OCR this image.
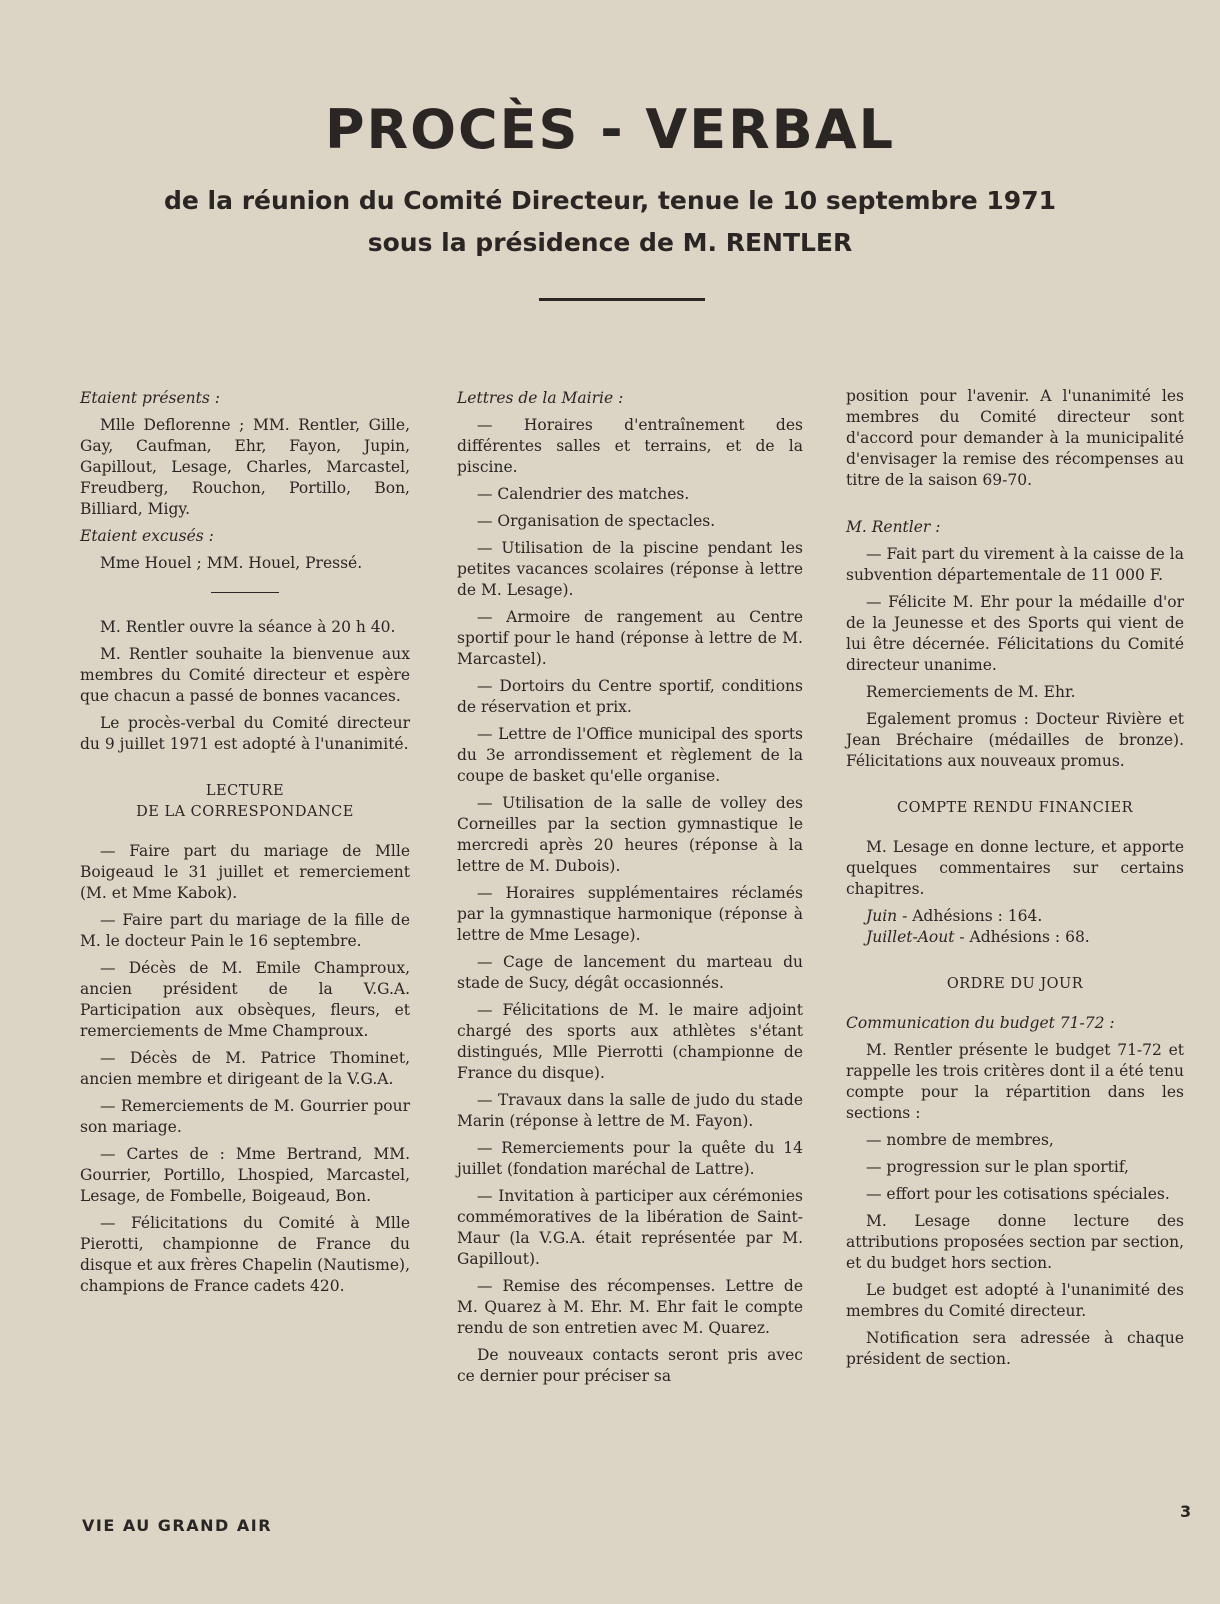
PROCÈS - VERBAL
de la réunion du Comité Directeur, tenue le 10 septembre 1971
sous la présidence de M. RENTLER

Etaient présents :

Mlle Deflorenne ; MM. Rentler, Gille, Gay, Caufman, Ehr, Fayon, Jupin, Gapillout, Lesage, Charles, Marcastel, Freudberg, Rouchon, Portillo, Bon, Billiard, Migy.

Etaient excusés :

Mme Houel ; MM. Houel, Pressé.

M. Rentler ouvre la séance à 20 h 40.

M. Rentler souhaite la bienvenue aux membres du Comité directeur et espère que chacun a passé de bonnes vacances.

Le procès-verbal du Comité directeur du 9 juillet 1971 est adopté à l'unanimité.

LECTURE

DE LA CORRESPONDANCE

— Faire part du mariage de Mlle Boigeaud le 31 juillet et remerciement (M. et Mme Kabok).

— Faire part du mariage de la fille de M. le docteur Pain le 16 septembre.

— Décès de M. Emile Champroux, ancien président de la V.G.A. Participation aux obsèques, fleurs, et remerciements de Mme Champroux.

— Décès de M. Patrice Thominet, ancien membre et dirigeant de la V.G.A.

— Remerciements de M. Gourrier pour son mariage.

— Cartes de : Mme Bertrand, MM. Gourrier, Portillo, Lhospied, Marcastel, Lesage, de Fombelle, Boigeaud, Bon.

— Félicitations du Comité à Mlle Pierotti, championne de France du disque et aux frères Chapelin (Nautisme), champions de France cadets 420.

Lettres de la Mairie :

— Horaires d'entraînement des différentes salles et terrains, et de la piscine.

— Calendrier des matches.

— Organisation de spectacles.

— Utilisation de la piscine pendant les petites vacances scolaires (réponse à lettre de M. Lesage).

— Armoire de rangement au Centre sportif pour le hand (réponse à lettre de M. Marcastel).

— Dortoirs du Centre sportif, conditions de réservation et prix.

— Lettre de l'Office municipal des sports du 3e arrondissement et règlement de la coupe de basket qu'elle organise.

— Utilisation de la salle de volley des Corneilles par la section gymnastique le mercredi après 20 heures (réponse à la lettre de M. Dubois).

— Horaires supplémentaires réclamés par la gymnastique harmonique (réponse à lettre de Mme Lesage).

— Cage de lancement du marteau du stade de Sucy, dégât occasionnés.

— Félicitations de M. le maire adjoint chargé des sports aux athlètes s'étant distingués, Mlle Pierrotti (championne de France du disque).

— Travaux dans la salle de judo du stade Marin (réponse à lettre de M. Fayon).

— Remerciements pour la quête du 14 juillet (fondation maréchal de Lattre).

— Invitation à participer aux cérémonies commémoratives de la libération de Saint-Maur (la V.G.A. était représentée par M. Gapillout).

— Remise des récompenses. Lettre de M. Quarez à M. Ehr. M. Ehr fait le compte rendu de son entretien avec M. Quarez.

De nouveaux contacts seront pris avec ce dernier pour préciser sa

position pour l'avenir. A l'unanimité les membres du Comité directeur sont d'accord pour demander à la municipalité d'envisager la remise des récompenses au titre de la saison 69-70.

M. Rentler :

— Fait part du virement à la caisse de la subvention départementale de 11 000 F.

— Félicite M. Ehr pour la médaille d'or de la Jeunesse et des Sports qui vient de lui être décernée. Félicitations du Comité directeur unanime.

Remerciements de M. Ehr.

Egalement promus : Docteur Rivière et Jean Bréchaire (médailles de bronze). Félicitations aux nouveaux promus.

COMPTE RENDU FINANCIER

M. Lesage en donne lecture, et apporte quelques commentaires sur certains chapitres.

Juin - Adhésions : 164.

Juillet-Aout - Adhésions : 68.

ORDRE DU JOUR

Communication du budget 71-72 :

M. Rentler présente le budget 71-72 et rappelle les trois critères dont il a été tenu compte pour la répartition dans les sections :

— nombre de membres,

— progression sur le plan sportif,

— effort pour les cotisations spéciales.

M. Lesage donne lecture des attributions proposées section par section, et du budget hors section.

Le budget est adopté à l'unanimité des membres du Comité directeur.

Notification sera adressée à chaque président de section.

VIE AU GRAND AIR
3
